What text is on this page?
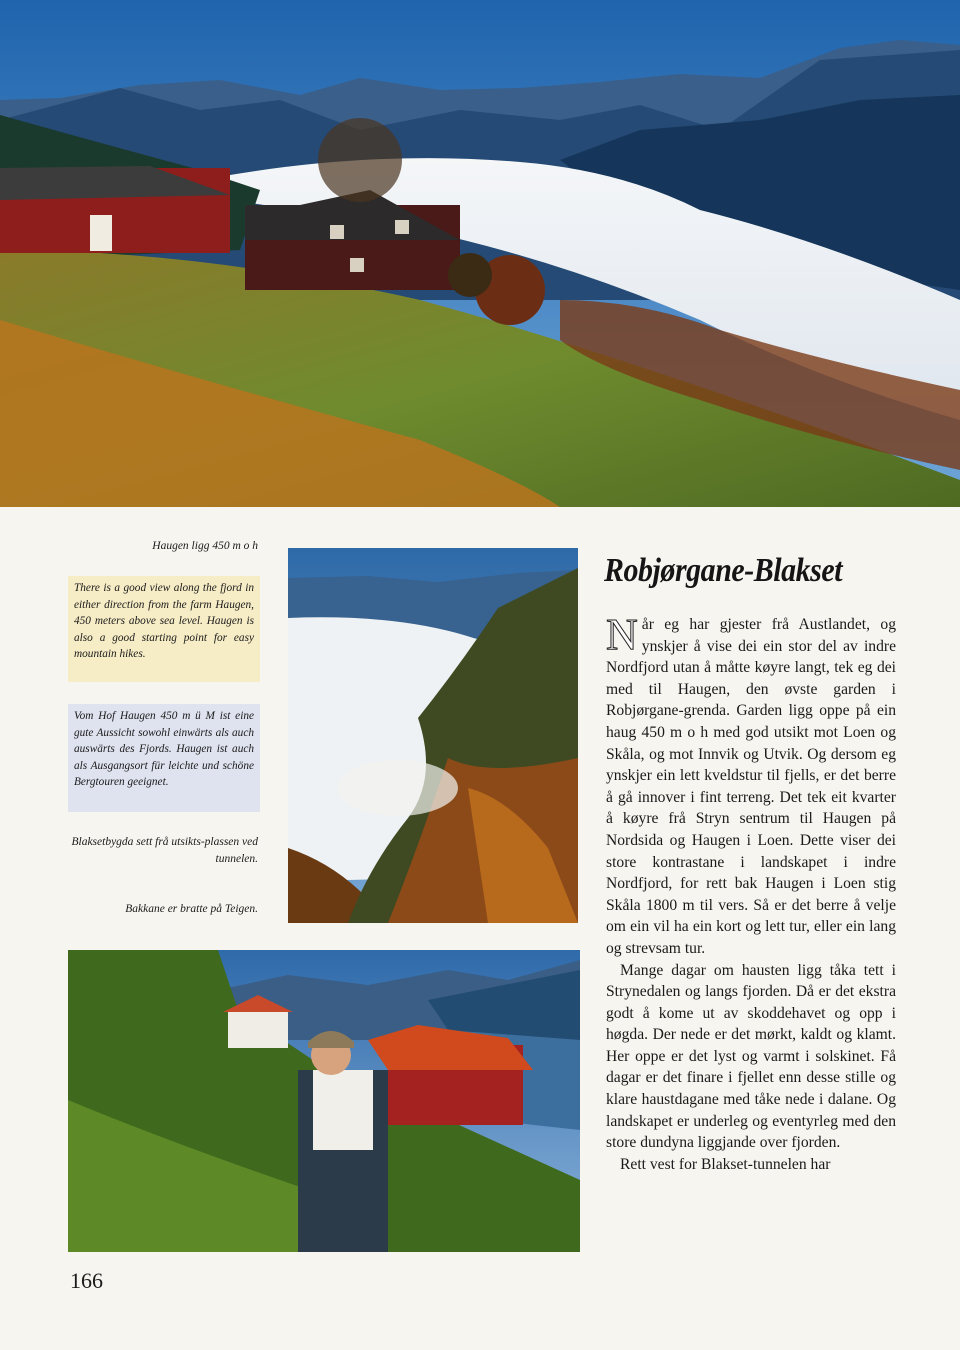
Haugen ligg 450 m o h
There is a good view along the fjord in either direction from the farm Haugen, 450 meters above sea level. Haugen is also a good starting point for easy mountain hikes.
Vom Hof Haugen 450 m ü M ist eine gute Aussicht sowohl einwärts als auch auswärts des Fjords. Haugen ist auch als Ausgangsort für leichte und schöne Bergtouren geeignet.
Blaksetbygda sett frå utsikts-plassen ved tunnelen.
Bakkane er bratte på Teigen.
Robjørgane-Blakset

Når eg har gjester frå Austlandet, og ynskjer å vise dei ein stor del av indre Nordfjord utan å måtte køyre langt, tek eg dei med til Haugen, den øvste garden i Robjørgane-grenda. Garden ligg oppe på ein haug 450 m o h med god utsikt mot Loen og Skåla, og mot Innvik og Utvik. Og dersom eg ynskjer ein lett kveldstur til fjells, er det berre å gå innover i fint terreng. Det tek eit kvarter å køyre frå Stryn sentrum til Haugen på Nordsida og Haugen i Loen. Dette viser dei store kontrastane i landskapet i indre Nordfjord, for rett bak Haugen i Loen stig Skåla 1800 m til vers. Så er det berre å velje om ein vil ha ein kort og lett tur, eller ein lang og strevsam tur.

Mange dagar om hausten ligg tåka tett i Strynedalen og langs fjorden. Då er det ekstra godt å kome ut av skoddehavet og opp i høgda. Der nede er det mørkt, kaldt og klamt. Her oppe er det lyst og varmt i solskinet. Få dagar er det finare i fjellet enn desse stille og klare haustdagane med tåke nede i dalane. Og landskapet er underleg og eventyrleg med den store dundyna liggjande over fjorden.

Rett vest for Blakset-tunnelen har

166
